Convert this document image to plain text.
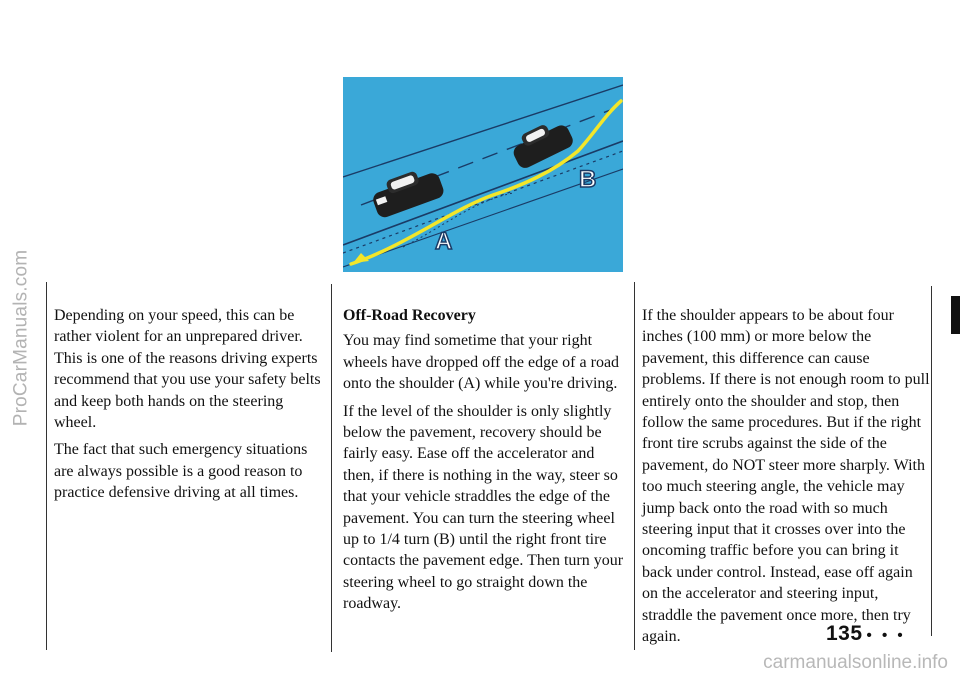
ProCarManuals.com
A
B

Depending on your speed, this can be rather violent for an unprepared driver. This is one of the reasons driving experts recommend that you use your safety belts and keep both hands on the steering wheel.

The fact that such emergency situations are always possible is a good reason to practice defensive driving at all times.

Off-Road Recovery

You may find sometime that your right wheels have dropped off the edge of a road onto the shoulder (A) while you're driving.

If the level of the shoulder is only slightly below the pavement, recovery should be fairly easy. Ease off the accelerator and then, if there is nothing in the way, steer so that your vehicle straddles the edge of the pavement. You can turn the steering wheel up to 1/4 turn (B) until the right front tire contacts the pavement edge. Then turn your steering wheel to go straight down the roadway.

If the shoulder appears to be about four inches (100 mm) or more below the pavement, this difference can cause problems. If there is not enough room to pull entirely onto the shoulder and stop, then follow the same procedures. But if the right front tire scrubs against the side of the pavement, do NOT steer more sharply. With too much steering angle, the vehicle may jump back onto the road with so much steering input that it crosses over into the oncoming traffic before you can bring it back under control. Instead, ease off again on the accelerator and steering input, straddle the pavement once more, then try again.	135 • • •
carmanualsonline.info
